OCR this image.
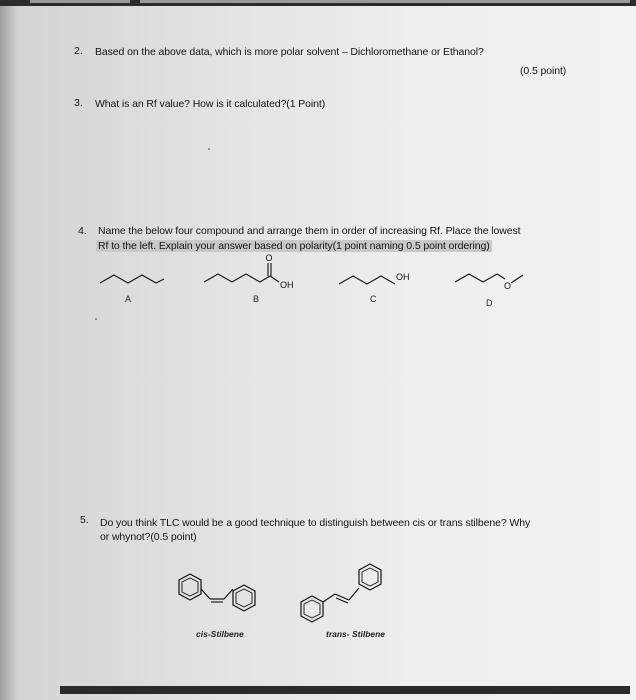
2. Based on the above data, which is more polar solvent – Dichloromethane or Ethanol?
(0.5 point)
3. What is an Rf value? How is it calculated?(1 Point)
4. Name the below four compound and arrange them in order of increasing Rf. Place the lowest
Rf to the left. Explain your answer based on polarity(1 point naming 0.5 point ordering)
A
O
OH
B
OH
C
O
D
5. Do you think TLC would be a good technique to distinguish between cis or trans stilbene? Why
or whynot?(0.5 point)
cis-Stilbene	trans- Stilbene
